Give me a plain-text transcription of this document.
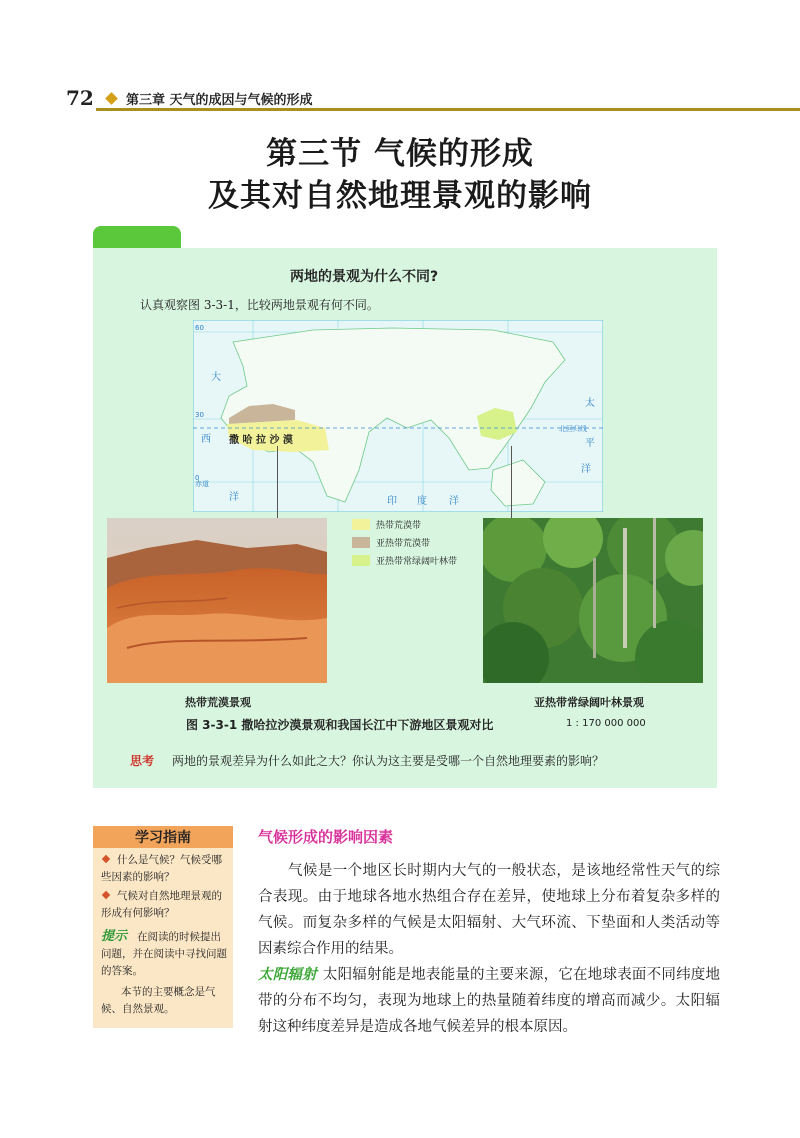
72 第三章 天气的成因与气候的形成
第三节 气候的形成
及其对自然地理景观的影响
两地的景观为什么不同?
认真观察图 3-3-1，比较两地景观有何不同。
大
西
洋
太
平
洋
印 度 洋
北回归线
赤道
60
30
0
撒 哈 拉 沙 漠
热带荒漠带
亚热带荒漠带
亚热带常绿阔叶林带
热带荒漠景观	亚热带常绿阔叶林景观
图 3-3-1 撒哈拉沙漠景观和我国长江中下游地区景观对比	1 : 170 000 000
思考 两地的景观差异为什么如此之大？你认为这主要是受哪一个自然地理要素的影响？
学习指南
什么是气候？气候受哪些因素的影响？
气候对自然地理景观的形成有何影响？
提示 在阅读的时候提出问题，并在阅读中寻找问题的答案。
本节的主要概念是气候、自然景观。
气候形成的影响因素
气候是一个地区长时期内大气的一般状态，是该地经常性天气的综合表现。由于地球各地水热组合存在差异，使地球上分布着复杂多样的气候。而复杂多样的气候是太阳辐射、大气环流、下垫面和人类活动等因素综合作用的结果。
太阳辐射 太阳辐射能是地表能量的主要来源，它在地球表面不同纬度地带的分布不均匀，表现为地球上的热量随着纬度的增高而减少。太阳辐射这种纬度差异是造成各地气候差异的根本原因。
